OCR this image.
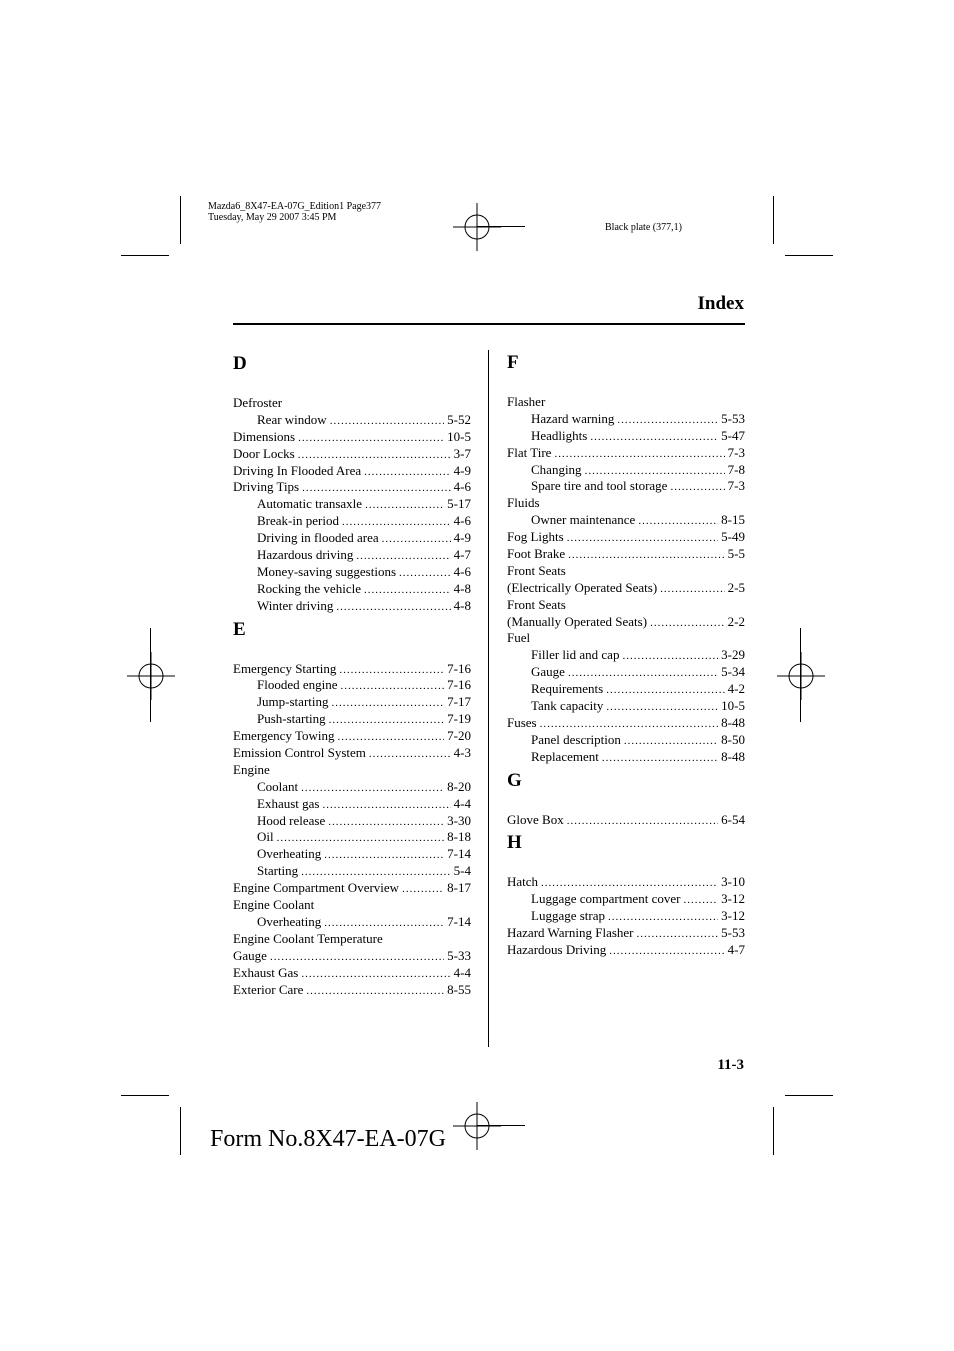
Mazda6_8X47-EA-07G_Edition1 Page377
Tuesday, May 29 2007 3:45 PM
Black plate (377,1)
Index
D
Defroster
Rear window .....	5-52
Dimensions .....	10-5
Door Locks .....	3-7
Driving In Flooded Area .....	4-9
Driving Tips .....	4-6
Automatic transaxle .....	5-17
Break-in period .....	4-6
Driving in flooded area .....	4-9
Hazardous driving .....	4-7
Money-saving suggestions .....	4-6
Rocking the vehicle .....	4-8
Winter driving .....	4-8
E
Emergency Starting .....	7-16
Flooded engine .....	7-16
Jump-starting .....	7-17
Push-starting .....	7-19
Emergency Towing .....	7-20
Emission Control System .....	4-3
Engine
Coolant .....	8-20
Exhaust gas .....	4-4
Hood release .....	3-30
Oil .....	8-18
Overheating .....	7-14
Starting .....	5-4
Engine Compartment Overview .....	8-17
Engine Coolant
Overheating .....	7-14
Engine Coolant Temperature
Gauge .....	5-33
Exhaust Gas .....	4-4
Exterior Care .....	8-55
F
Flasher
Hazard warning .....	5-53
Headlights .....	5-47
Flat Tire .....	7-3
Changing .....	7-8
Spare tire and tool storage .....	7-3
Fluids
Owner maintenance .....	8-15
Fog Lights .....	5-49
Foot Brake .....	5-5
Front Seats
(Electrically Operated Seats) .....	2-5
Front Seats
(Manually Operated Seats) .....	2-2
Fuel
Filler lid and cap .....	3-29
Gauge .....	5-34
Requirements .....	4-2
Tank capacity .....	10-5
Fuses .....	8-48
Panel description .....	8-50
Replacement .....	8-48
G
Glove Box .....	6-54
H
Hatch .....	3-10
Luggage compartment cover .....	3-12
Luggage strap .....	3-12
Hazard Warning Flasher .....	5-53
Hazardous Driving .....	4-7
11-3
Form No.8X47-EA-07G
